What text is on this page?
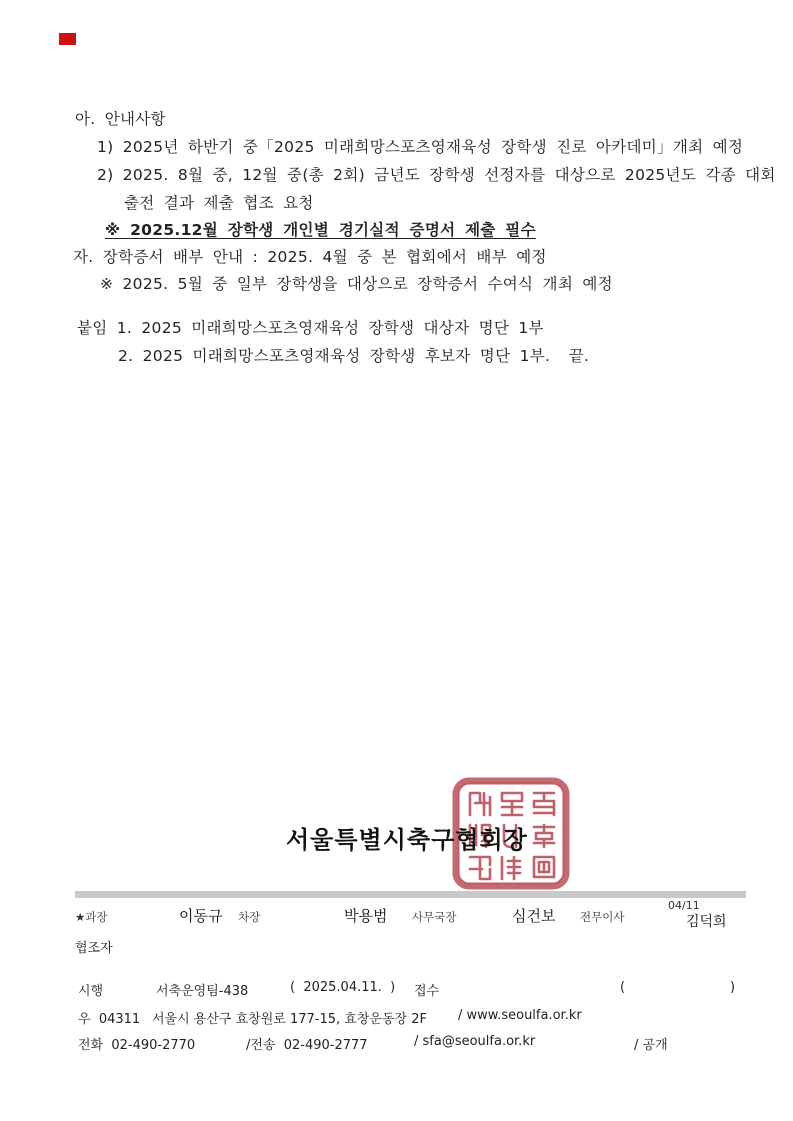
아. 안내사항
1) 2025년 하반기 중「2025 미래희망스포츠영재육성 장학생 진로 아카데미」개최 예정
2) 2025. 8월 중, 12월 중(총 2회) 금년도 장학생 선정자를 대상으로 2025년도 각종 대회
출전 결과 제출 협조 요청
※ 2025.12월 장학생 개인별 경기실적 증명서 제출 필수
자. 장학증서 배부 안내 : 2025. 4월 중 본 협회에서 배부 예정
※ 2025. 5월 중 일부 장학생을 대상으로 장학증서 수여식 개최 예정
붙임 1. 2025 미래희망스포츠영재육성 장학생 대상자 명단 1부
2. 2025 미래희망스포츠영재육성 장학생 후보자 명단 1부.  끝.
서울특별시축구협회장
★과장	이동규 차장	박용범 사무국장	심건보 전무이사
04/11
김덕희
협조자
시행	서축운영팀-438	(  2025.04.11.  ) 접수	(	)
우  04311 서울시 용산구 효창원로 177-15, 효창운동장 2F / www.seoulfa.or.kr
전화  02-490-2770	/전송  02-490-2777	/ sfa@seoulfa.or.kr	/ 공개
